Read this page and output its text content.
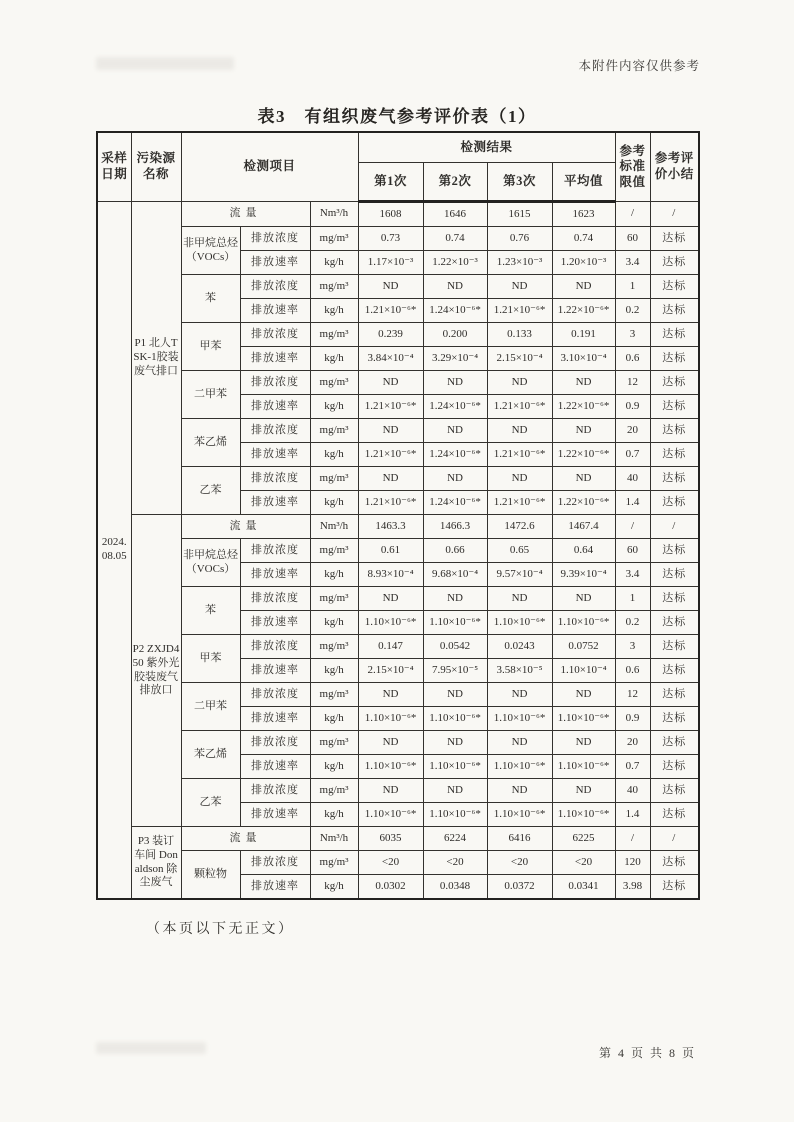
本附件内容仅供参考
表3　有组织废气参考评价表（1）
采样日期	污染源名称	检测项目			检测结果				参考标准限值	参考评价小结
					第1次	第2次	第3次	平均值		
2024. 08.05	P1 北人TSK-1胶装废气排口	流量		Nm³/h	1608	1646	1615	1623	/	/
		非甲烷总烃（VOCs）	排放浓度	mg/m³	0.73	0.74	0.76	0.74	60	达标
			排放速率	kg/h	1.17×10⁻³	1.22×10⁻³	1.23×10⁻³	1.20×10⁻³	3.4	达标
		苯	排放浓度	mg/m³	ND	ND	ND	ND	1	达标
			排放速率	kg/h	1.21×10⁻⁶*	1.24×10⁻⁶*	1.21×10⁻⁶*	1.22×10⁻⁶*	0.2	达标
		甲苯	排放浓度	mg/m³	0.239	0.200	0.133	0.191	3	达标
			排放速率	kg/h	3.84×10⁻⁴	3.29×10⁻⁴	2.15×10⁻⁴	3.10×10⁻⁴	0.6	达标
		二甲苯	排放浓度	mg/m³	ND	ND	ND	ND	12	达标
			排放速率	kg/h	1.21×10⁻⁶*	1.24×10⁻⁶*	1.21×10⁻⁶*	1.22×10⁻⁶*	0.9	达标
		苯乙烯	排放浓度	mg/m³	ND	ND	ND	ND	20	达标
			排放速率	kg/h	1.21×10⁻⁶*	1.24×10⁻⁶*	1.21×10⁻⁶*	1.22×10⁻⁶*	0.7	达标
		乙苯	排放浓度	mg/m³	ND	ND	ND	ND	40	达标
			排放速率	kg/h	1.21×10⁻⁶*	1.24×10⁻⁶*	1.21×10⁻⁶*	1.22×10⁻⁶*	1.4	达标
	P2 ZXJD450 紫外光胶装废气排放口	流量		Nm³/h	1463.3	1466.3	1472.6	1467.4	/	/
		非甲烷总烃（VOCs）	排放浓度	mg/m³	0.61	0.66	0.65	0.64	60	达标
			排放速率	kg/h	8.93×10⁻⁴	9.68×10⁻⁴	9.57×10⁻⁴	9.39×10⁻⁴	3.4	达标
		苯	排放浓度	mg/m³	ND	ND	ND	ND	1	达标
			排放速率	kg/h	1.10×10⁻⁶*	1.10×10⁻⁶*	1.10×10⁻⁶*	1.10×10⁻⁶*	0.2	达标
		甲苯	排放浓度	mg/m³	0.147	0.0542	0.0243	0.0752	3	达标
			排放速率	kg/h	2.15×10⁻⁴	7.95×10⁻⁵	3.58×10⁻⁵	1.10×10⁻⁴	0.6	达标
		二甲苯	排放浓度	mg/m³	ND	ND	ND	ND	12	达标
			排放速率	kg/h	1.10×10⁻⁶*	1.10×10⁻⁶*	1.10×10⁻⁶*	1.10×10⁻⁶*	0.9	达标
		苯乙烯	排放浓度	mg/m³	ND	ND	ND	ND	20	达标
			排放速率	kg/h	1.10×10⁻⁶*	1.10×10⁻⁶*	1.10×10⁻⁶*	1.10×10⁻⁶*	0.7	达标
		乙苯	排放浓度	mg/m³	ND	ND	ND	ND	40	达标
			排放速率	kg/h	1.10×10⁻⁶*	1.10×10⁻⁶*	1.10×10⁻⁶*	1.10×10⁻⁶*	1.4	达标
	P3 装订车间 Donaldson 除尘废气	流量		Nm³/h	6035	6224	6416	6225	/	/
		颗粒物	排放浓度	mg/m³	<20	<20	<20	<20	120	达标
			排放速率	kg/h	0.0302	0.0348	0.0372	0.0341	3.98	达标
（本页以下无正文）
第 4 页 共 8 页
